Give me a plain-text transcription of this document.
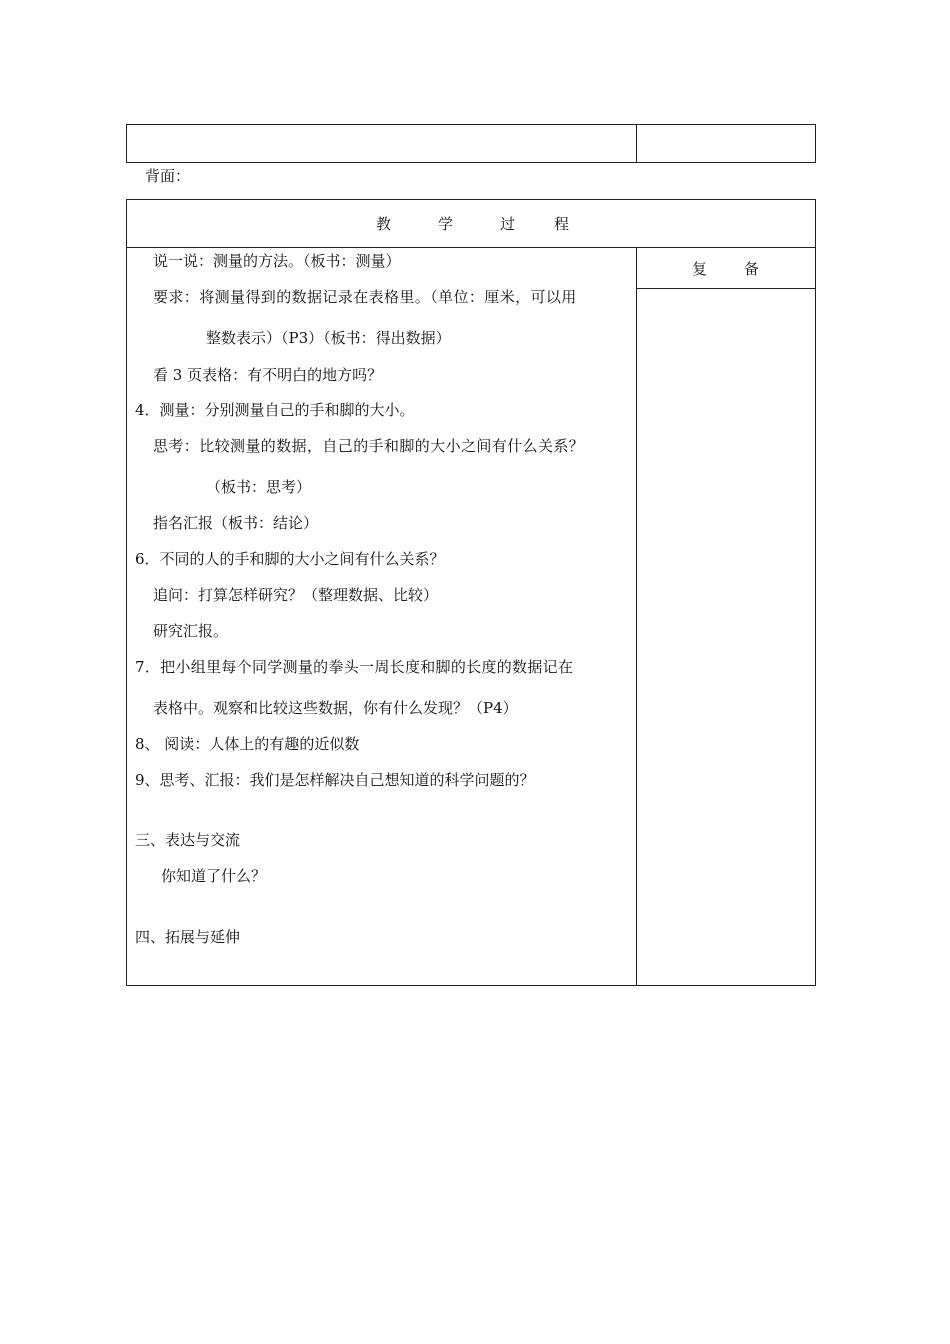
背面：
教	学	过	程
复 备
说一说：测量的方法。（板书：测量）
要求：将测量得到的数据记录在表格里。（单位：厘米，可以用
整数表示）（P3）（板书：得出数据）
看 3 页表格：有不明白的地方吗？
4．测量：分别测量自己的手和脚的大小。
思考：比较测量的数据，自己的手和脚的大小之间有什么关系？
（板书：思考）
指名汇报（板书：结论）
6．不同的人的手和脚的大小之间有什么关系？
追问：打算怎样研究？（整理数据、比较）
研究汇报。
7．把小组里每个同学测量的拳头一周长度和脚的长度的数据记在
表格中。观察和比较这些数据，你有什么发现？（P4）
8、 阅读：人体上的有趣的近似数
9、思考、汇报：我们是怎样解决自己想知道的科学问题的？
三、表达与交流
你知道了什么？
四、拓展与延伸
